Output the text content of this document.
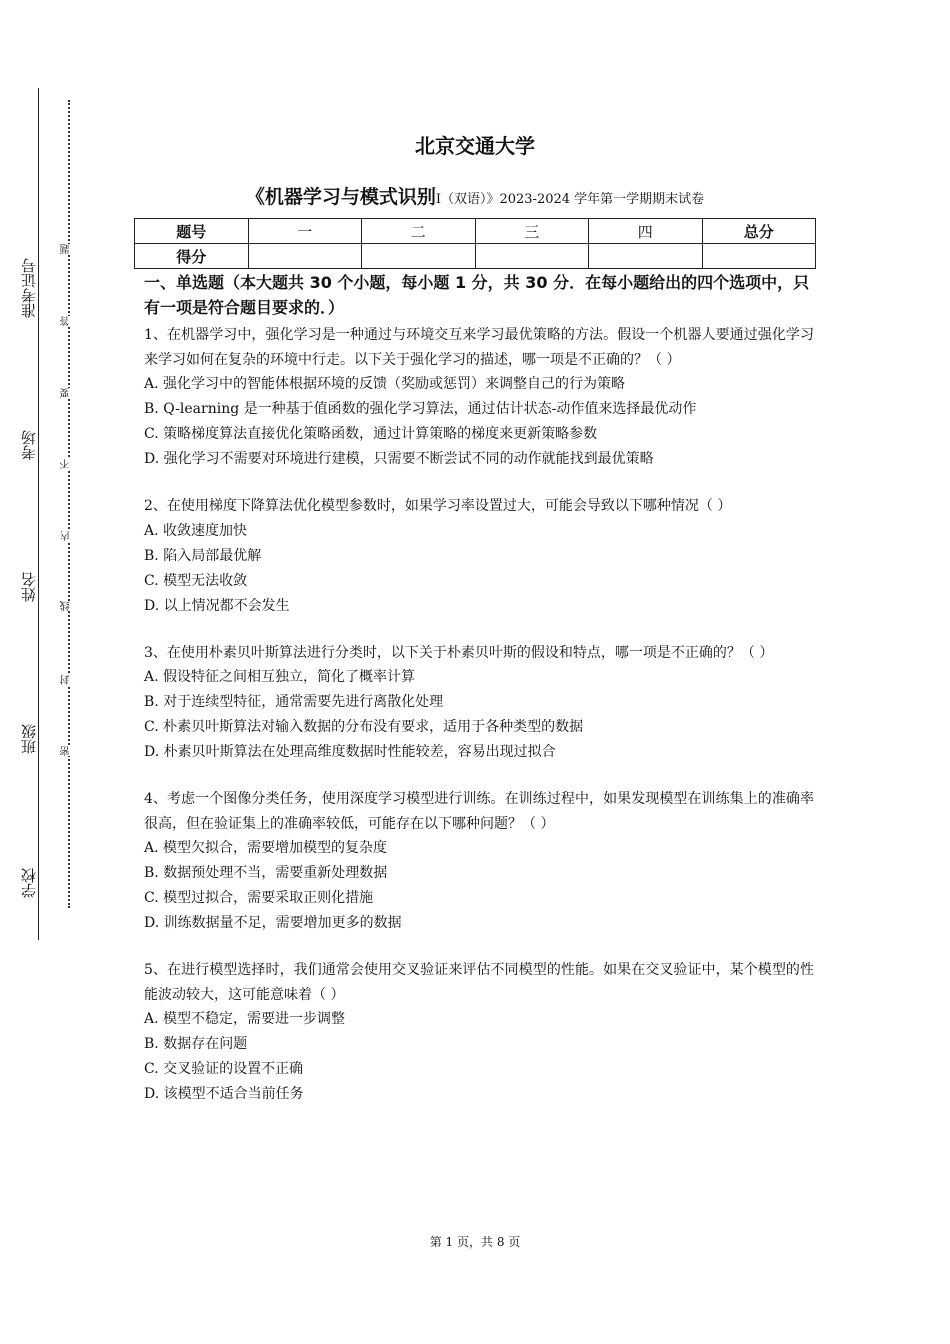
学校
班级
姓名
考场
准考证号
题
答
要
不
内
线
封
密
北京交通大学
《机器学习与模式识别I（双语）》2023-2024 学年第一学期期末试卷
题号	一	二	三	四	总分
得分					
一、单选题（本大题共 30 个小题，每小题 1 分，共 30 分．在每小题给出的四个选项中，只有一项是符合题目要求的．）
1、在机器学习中，强化学习是一种通过与环境交互来学习最优策略的方法。假设一个机器人要通过强化学习来学习如何在复杂的环境中行走。以下关于强化学习的描述，哪一项是不正确的？（ ）
A. 强化学习中的智能体根据环境的反馈（奖励或惩罚）来调整自己的行为策略
B. Q-learning 是一种基于值函数的强化学习算法，通过估计状态-动作值来选择最优动作
C. 策略梯度算法直接优化策略函数，通过计算策略的梯度来更新策略参数
D. 强化学习不需要对环境进行建模，只需要不断尝试不同的动作就能找到最优策略
2、在使用梯度下降算法优化模型参数时，如果学习率设置过大，可能会导致以下哪种情况（ ）
A. 收敛速度加快
B. 陷入局部最优解
C. 模型无法收敛
D. 以上情况都不会发生
3、在使用朴素贝叶斯算法进行分类时，以下关于朴素贝叶斯的假设和特点，哪一项是不正确的？（ ）
A. 假设特征之间相互独立，简化了概率计算
B. 对于连续型特征，通常需要先进行离散化处理
C. 朴素贝叶斯算法对输入数据的分布没有要求，适用于各种类型的数据
D. 朴素贝叶斯算法在处理高维度数据时性能较差，容易出现过拟合
4、考虑一个图像分类任务，使用深度学习模型进行训练。在训练过程中，如果发现模型在训练集上的准确率很高，但在验证集上的准确率较低，可能存在以下哪种问题？（ ）
A. 模型欠拟合，需要增加模型的复杂度
B. 数据预处理不当，需要重新处理数据
C. 模型过拟合，需要采取正则化措施
D. 训练数据量不足，需要增加更多的数据
5、在进行模型选择时，我们通常会使用交叉验证来评估不同模型的性能。如果在交叉验证中，某个模型的性能波动较大，这可能意味着（ ）
A. 模型不稳定，需要进一步调整
B. 数据存在问题
C. 交叉验证的设置不正确
D. 该模型不适合当前任务
第 1 页，共 8 页
